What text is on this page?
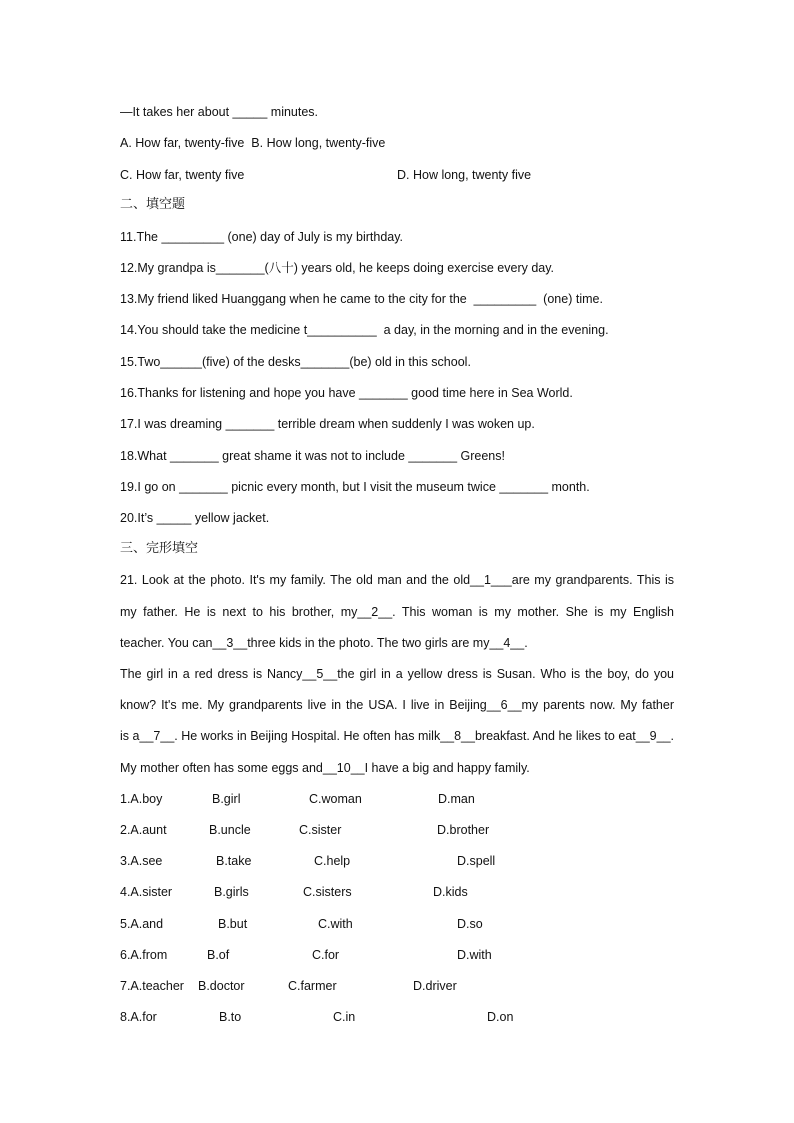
—It takes her about _____ minutes.
A. How far, twenty-five  B. How long, twenty-five
C. How far, twenty five	D. How long, twenty five
二、填空题
11.The _________ (one) day of July is my birthday.
12.My grandpa is_______(八十) years old, he keeps doing exercise every day.
13.My friend liked Huanggang when he came to the city for the  _________  (one) time.
14.You should take the medicine t__________  a day, in the morning and in the evening.
15.Two______(five) of the desks_______(be) old in this school.
16.Thanks for listening and hope you have _______ good time here in Sea World.
17.I was dreaming _______ terrible dream when suddenly I was woken up.
18.What _______ great shame it was not to include _______ Greens!
19.I go on _______ picnic every month, but I visit the museum twice _______ month.
20.It’s _____ yellow jacket.
三、完形填空
21. Look at the photo. It's my family. The old man and the old__1___are my grandparents. This is
my father. He is next to his brother, my__2__. This woman is my mother. She is my English
teacher. You can__3__three kids in the photo. The two girls are my__4__.
The girl in a red dress is Nancy__5__the girl in a yellow dress is Susan. Who is the boy, do you
know? It's me. My grandparents live in the USA. I live in Beijing__6__my parents now. My father
is a__7__. He works in Beijing Hospital. He often has milk__8__breakfast. And he likes to eat__9__.
My mother often has some eggs and__10__I have a big and happy family.
1.A.boy	B.girl	C.woman	D.man
2.A.aunt	B.uncle	C.sister	D.brother
3.A.see	B.take	C.help	D.spell
4.A.sister	B.girls	C.sisters	D.kids
5.A.and	B.but	C.with	D.so
6.A.from	B.of	C.for	D.with
7.A.teacher B.doctor	C.farmer	D.driver
8.A.for	B.to	C.in	D.on
